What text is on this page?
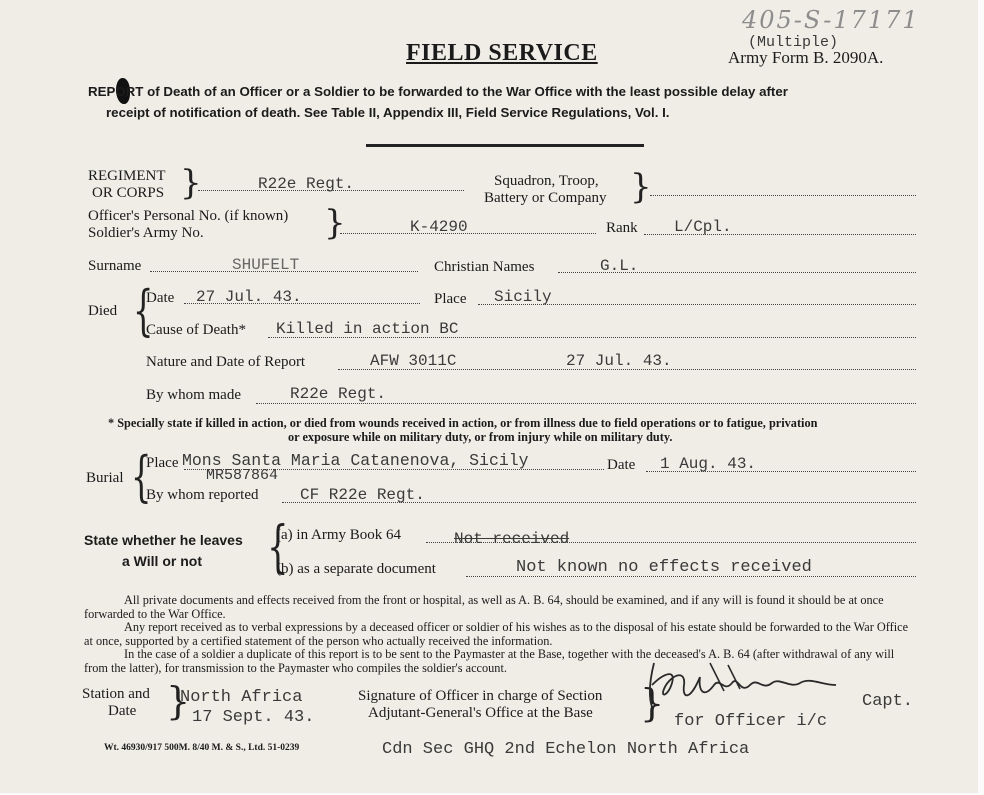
405-S-17171
FIELD SERVICE	(Multiple)
Army Form B. 2090A.
REPORT of Death of an Officer or a Soldier to be forwarded to the War Office with the least possible delay after
receipt of notification of death. See Table II, Appendix III, Field Service Regulations, Vol. I.
REGIMENT
OR CORPS }	R22e Regt.	Squadron, Troop,
Battery or Company }
Officer's Personal No. (if known)
Soldier's Army No.	}	K-4290	Rank L/Cpl.
Surname	SHUFELT	Christian Names	G.L.
Died {
Date 27 Jul. 43.	Place Sicily
Cause of Death* Killed in action BC
Nature and Date of Report	AFW 3011C	27 Jul. 43.
By whom made	R22e Regt.
* Specially state if killed in action, or died from wounds received in action, or from illness due to field operations or to fatigue, privation
or exposure while on military duty, or from injury while on military duty.
Burial {
Place Mons Santa Maria Catanenova, Sicily
MR587864
Date 1 Aug. 43.
By whom reported	CF R22e Regt.
State whether he leaves
a Will or not {
(a) in Army Book 64	Not received
(b) as a separate document	Not known no effects received

All private documents and effects received from the front or hospital, as well as A. B. 64, should be examined, and if any will is found it should be at once forwarded to the War Office.

Any report received as to verbal expressions by a deceased officer or soldier of his wishes as to the disposal of his estate should be forwarded to the War Office at once, supported by a certified statement of the person who actually received the information.

In the case of a soldier a duplicate of this report is to be sent to the Paymaster at the Base, together with the deceased's A. B. 64 (after withdrawal of any will from the latter), for transmission to the Paymaster who compiles the soldier's account.

Station and
Date }
North Africa
17 Sept. 43.
Signature of Officer in charge of Section
Adjutant-General's Office at the Base }	Capt.
for Officer i/c
Wt. 46930/917 500M. 8/40 M. & S., Ltd. 51-0239	Cdn Sec GHQ 2nd Echelon North Africa
